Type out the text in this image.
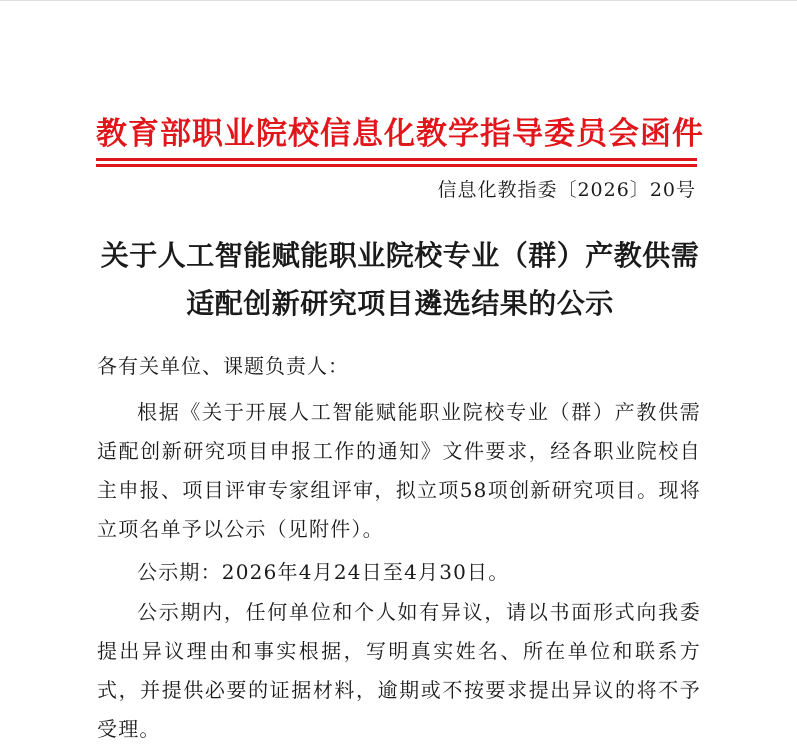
教育部职业院校信息化教学指导委员会函件
信息化教指委〔2026〕20号
关于人工智能赋能职业院校专业（群）产教供需
适配创新研究项目遴选结果的公示
各有关单位、课题负责人：
根据《关于开展人工智能赋能职业院校专业（群）产教供需适配创新研究项目申报工作的通知》文件要求，经各职业院校自主申报、项目评审专家组评审，拟立项58项创新研究项目。现将立项名单予以公示（见附件）。
公示期：2026年4月24日至4月30日。
公示期内，任何单位和个人如有异议，请以书面形式向我委提出异议理由和事实根据，写明真实姓名、所在单位和联系方式，并提供必要的证据材料，逾期或不按要求提出异议的将不予受理。
